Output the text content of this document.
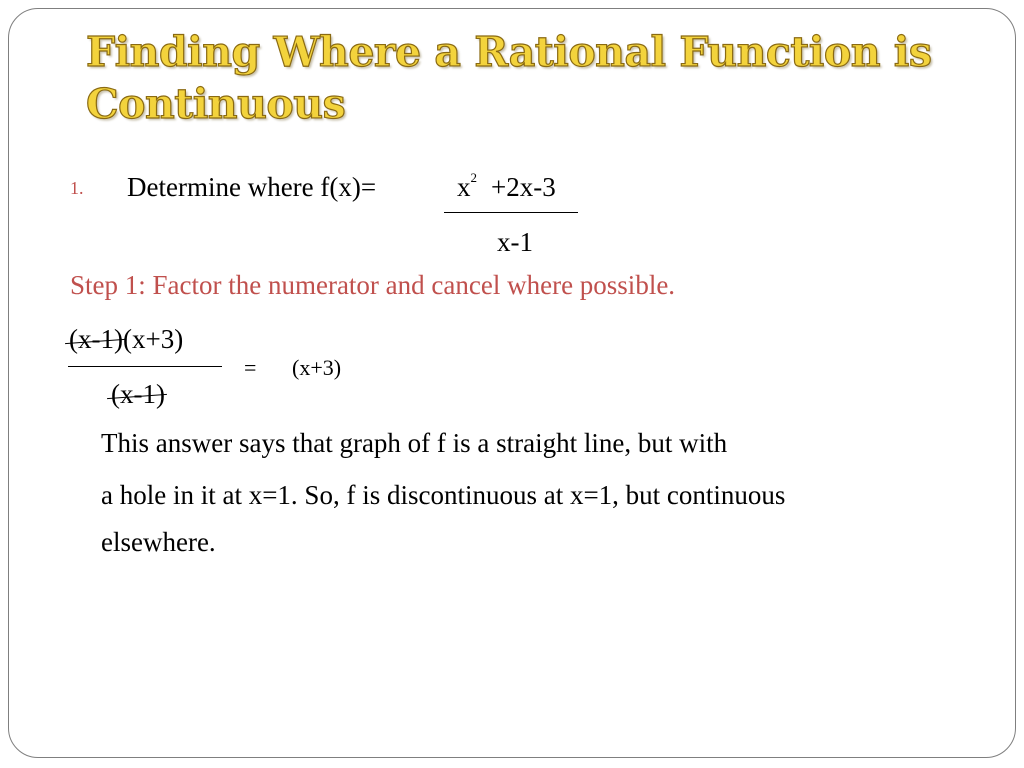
Finding Where a Rational Function is Continuous
1. Determine where f(x)=	$x^2 +2x-3$
x-1
Step 1: Factor the numerator and cancel where possible.
(x-1)(x+3)
(x-1)
= (x+3)
This answer says that graph of f is a straight line, but with
a hole in it at x=1. So, f is discontinuous at x=1, but continuous
elsewhere.
